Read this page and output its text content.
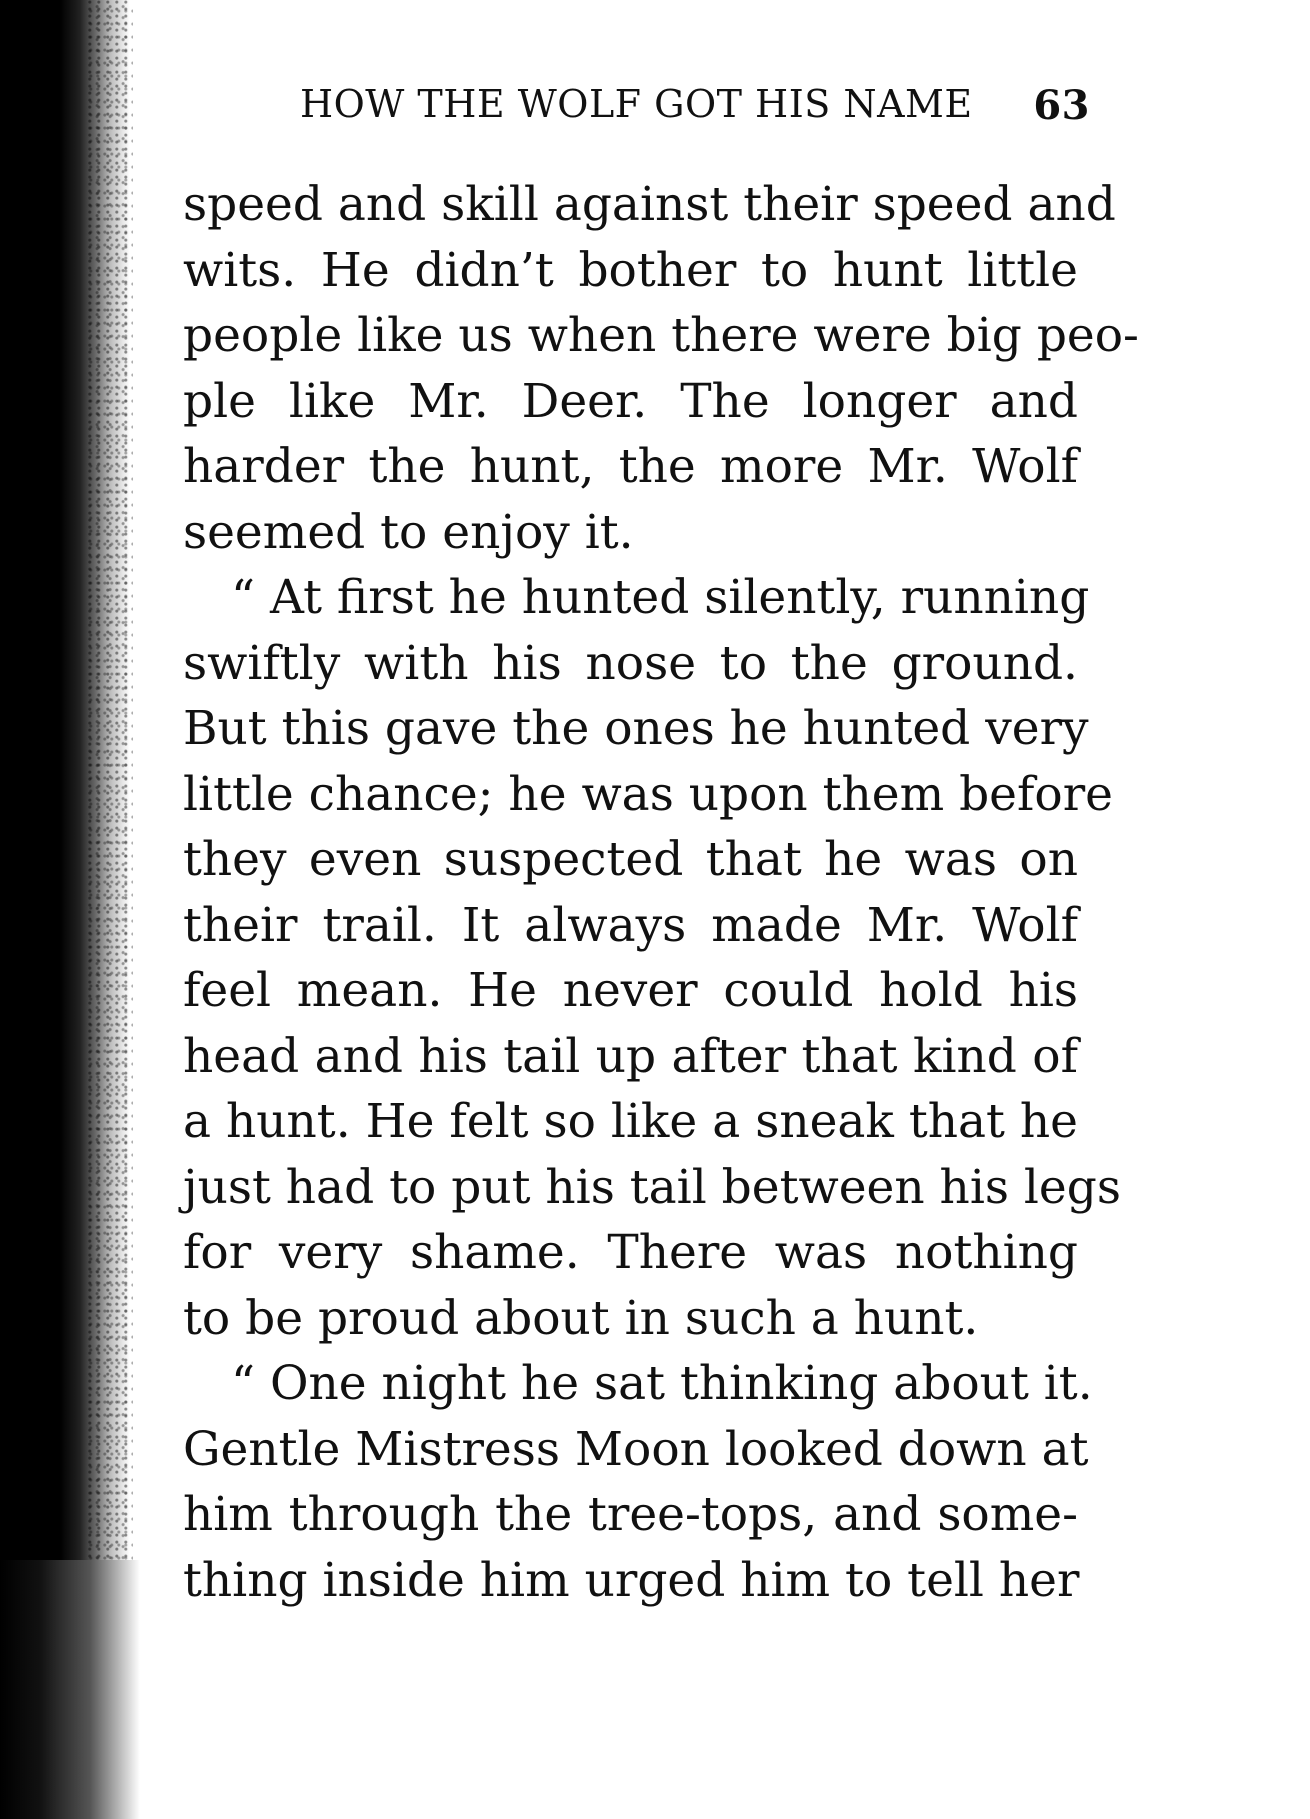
HOW THE WOLF GOT HIS NAME 63
speed and skill against their speed and
wits. He didn’t bother to hunt little
people like us when there were big peo-
ple like Mr. Deer. The longer and
harder the hunt, the more Mr. Wolf
seemed to enjoy it.
“ At first he hunted silently, running
swiftly with his nose to the ground.
But this gave the ones he hunted very
little chance; he was upon them before
they even suspected that he was on
their trail. It always made Mr. Wolf
feel mean. He never could hold his
head and his tail up after that kind of
a hunt. He felt so like a sneak that he
just had to put his tail between his legs
for very shame. There was nothing
to be proud about in such a hunt.
“ One night he sat thinking about it.
Gentle Mistress Moon looked down at
him through the tree-tops, and some-
thing inside him urged him to tell her
